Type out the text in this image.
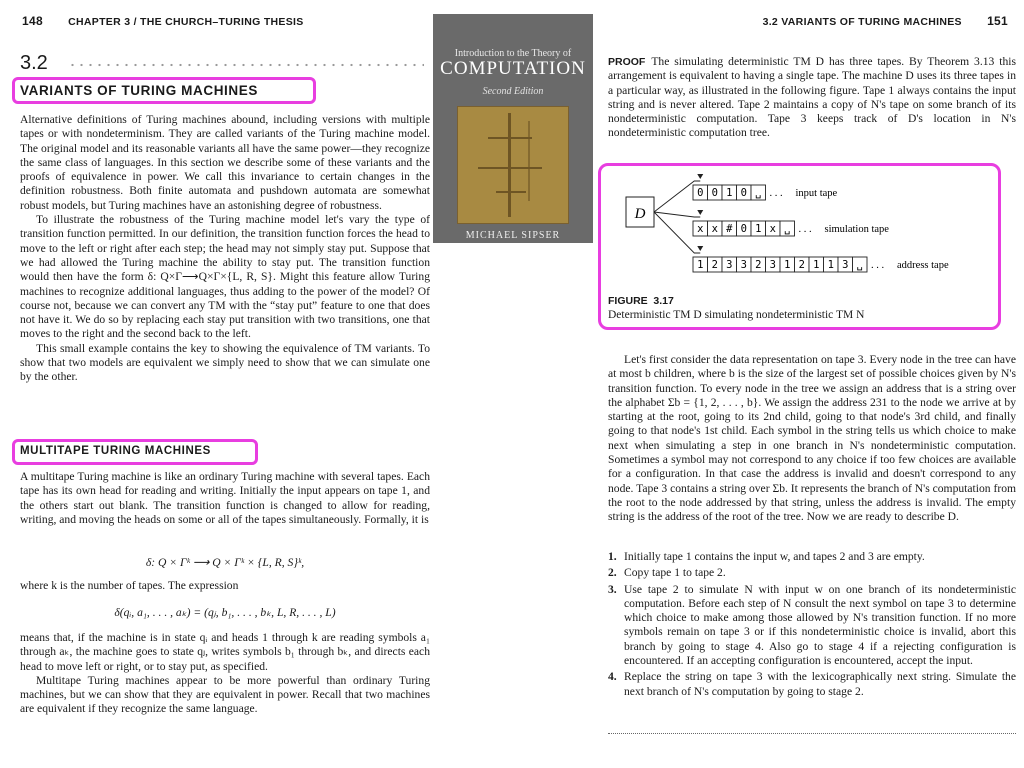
148 CHAPTER 3 / THE CHURCH–TURING THESIS
3.2
VARIANTS OF TURING MACHINES

Alternative definitions of Turing machines abound, including versions with multiple tapes or with nondeterminism. They are called variants of the Turing machine model. The original model and its reasonable variants all have the same power—they recognize the same class of languages. In this section we describe some of these variants and the proofs of equivalence in power. We call this invariance to certain changes in the definition robustness. Both finite automata and pushdown automata are somewhat robust models, but Turing machines have an astonishing degree of robustness.

To illustrate the robustness of the Turing machine model let's vary the type of transition function permitted. In our definition, the transition function forces the head to move to the left or right after each step; the head may not simply stay put. Suppose that we had allowed the Turing machine the ability to stay put. The transition function would then have the form δ: Q×Γ⟶Q×Γ×{L, R, S}. Might this feature allow Turing machines to recognize additional languages, thus adding to the power of the model? Of course not, because we can convert any TM with the “stay put” feature to one that does not have it. We do so by replacing each stay put transition with two transitions, one that moves to the right and the second back to the left.

This small example contains the key to showing the equivalence of TM variants. To show that two models are equivalent we simply need to show that we can simulate one by the other.

MULTITAPE TURING MACHINES

A multitape Turing machine is like an ordinary Turing machine with several tapes. Each tape has its own head for reading and writing. Initially the input appears on tape 1, and the others start out blank. The transition function is changed to allow for reading, writing, and moving the heads on some or all of the tapes simultaneously. Formally, it is

δ: Q × Γᵏ ⟶ Q × Γᵏ × {L, R, S}ᵏ,

where k is the number of tapes. The expression

δ(qᵢ, a₁, . . . , aₖ) = (qⱼ, b₁, . . . , bₖ, L, R, . . . , L)

means that, if the machine is in state qᵢ and heads 1 through k are reading symbols a₁ through aₖ, the machine goes to state qⱼ, writes symbols b₁ through bₖ, and directs each head to move left or right, or to stay put, as specified.

Multitape Turing machines appear to be more powerful than ordinary Turing machines, but we can show that they are equivalent in power. Recall that two machines are equivalent if they recognize the same language.

Introduction to the Theory of
COMPUTATION
Second Edition
MICHAEL SIPSER
3.2 VARIANTS OF TURING MACHINES 151

PROOF The simulating deterministic TM D has three tapes. By Theorem 3.13 this arrangement is equivalent to having a single tape. The machine D uses its three tapes in a particular way, as illustrated in the following figure. Tape 1 always contains the input string and is never altered. Tape 2 maintains a copy of N's tape on some branch of its nondeterministic computation. Tape 3 keeps track of D's location in N's nondeterministic computation tree.

D
0 0 1 0 ␣ . . . input tape
x x # 0 1 x ␣ . . . simulation tape
1 2 3 3 2 3 1 2 1 1 3 ␣ . . . address tape
FIGURE 3.17
Deterministic TM D simulating nondeterministic TM N

Let's first consider the data representation on tape 3. Every node in the tree can have at most b children, where b is the size of the largest set of possible choices given by N's transition function. To every node in the tree we assign an address that is a string over the alphabet Σb = {1, 2, . . . , b}. We assign the address 231 to the node we arrive at by starting at the root, going to its 2nd child, going to that node's 3rd child, and finally going to that node's 1st child. Each symbol in the string tells us which choice to make next when simulating a step in one branch in N's nondeterministic computation. Sometimes a symbol may not correspond to any choice if too few choices are available for a configuration. In that case the address is invalid and doesn't correspond to any node. Tape 3 contains a string over Σb. It represents the branch of N's computation from the root to the node addressed by that string, unless the address is invalid. The empty string is the address of the root of the tree. Now we are ready to describe D.

1. Initially tape 1 contains the input w, and tapes 2 and 3 are empty.
2. Copy tape 1 to tape 2.
3. Use tape 2 to simulate N with input w on one branch of its nondeterministic computation. Before each step of N consult the next symbol on tape 3 to determine which choice to make among those allowed by N's transition function. If no more symbols remain on tape 3 or if this nondeterministic choice is invalid, abort this branch by going to stage 4. Also go to stage 4 if a rejecting configuration is encountered. If an accepting configuration is encountered, accept the input.
4. Replace the string on tape 3 with the lexicographically next string. Simulate the next branch of N's computation by going to stage 2.
